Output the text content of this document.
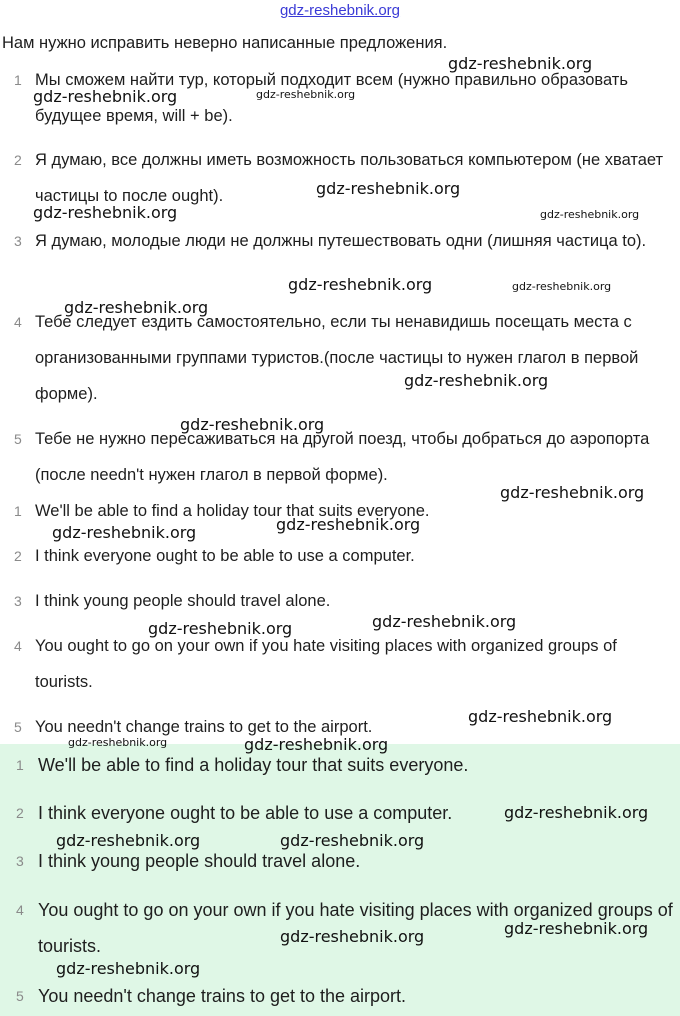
gdz-reshebnik.org
Нам нужно исправить неверно написанные предложения.
1 Мы сможем найти тур, который подходит всем (нужно правильно образовать будущее время, will + be).
2 Я думаю, все должны иметь возможность пользоваться компьютером (не хватает частицы to после ought).
3 Я думаю, молодые люди не должны путешествовать одни (лишняя частица to).
4 Тебе следует ездить самостоятельно, если ты ненавидишь посещать места с организованными группами туристов.(после частицы to нужен глагол в первой форме).
5 Тебе не нужно пересаживаться на другой поезд, чтобы добраться до аэропорта (после needn't нужен глагол в первой форме).
1 We'll be able to find a holiday tour that suits everyone.
2 I think everyone ought to be able to use a computer.
3 I think young people should travel alone.
4 You ought to go on your own if you hate visiting places with organized groups of tourists.
5 You needn't change trains to get to the airport.
1 We'll be able to find a holiday tour that suits everyone.
2 I think everyone ought to be able to use a computer.
3 I think young people should travel alone.
4 You ought to go on your own if you hate visiting places with organized groups of tourists.
5 You needn't change trains to get to the airport.
gdz-reshebnik.org
gdz-reshebnik.org	gdz-reshebnik.org
gdz-reshebnik.org
gdz-reshebnik.org	gdz-reshebnik.org
gdz-reshebnik.org	gdz-reshebnik.org
gdz-reshebnik.org
gdz-reshebnik.org
gdz-reshebnik.org
gdz-reshebnik.org
gdz-reshebnik.org
gdz-reshebnik.org
gdz-reshebnik.org
gdz-reshebnik.org
gdz-reshebnik.org
gdz-reshebnik.org	gdz-reshebnik.org
gdz-reshebnik.org
gdz-reshebnik.org	gdz-reshebnik.org
gdz-reshebnik.org
gdz-reshebnik.org
gdz-reshebnik.org
